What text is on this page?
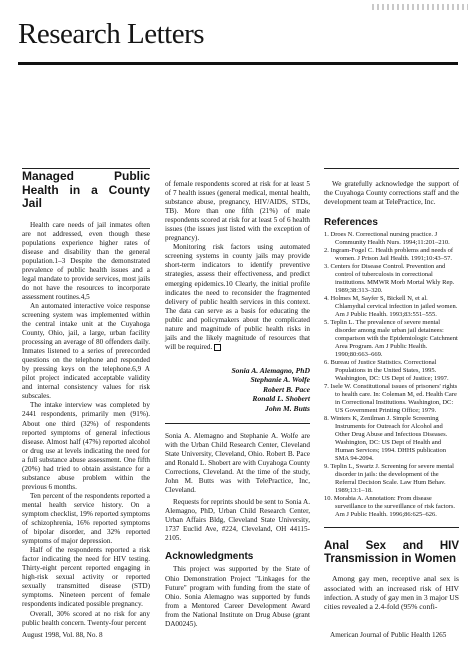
Research Letters
Managed Public Health in a County Jail

Health care needs of jail inmates often are not addressed, even though these populations experience higher rates of disease and disability than the general population.1–3 Despite the demonstrated prevalence of public health issues and a legal mandate to provide services, most jails do not have the resources to incorporate assessment routines.4,5

An automated interactive voice response screening system was implemented within the central intake unit at the Cuyahoga County, Ohio, jail, a large, urban facility processing an average of 80 offenders daily. Inmates listened to a series of prerecorded questions on the telephone and responded by pressing keys on the telephone.6,9 A pilot project indicated acceptable validity and internal consistency values for risk subscales.

The intake interview was completed by 2441 respondents, primarily men (91%). About one third (32%) of respondents reported symptoms of general infectious disease. Almost half (47%) reported alcohol or drug use at levels indicating the need for a full substance abuse assessment. One fifth (20%) had tried to obtain assistance for a substance abuse problem within the previous 6 months.

Ten percent of the respondents reported a mental health service history. On a symptom checklist, 19% reported symptoms of schizophrenia, 16% reported symptoms of bipolar disorder, and 32% reported symptoms of major depression.

Half of the respondents reported a risk factor indicating the need for HIV testing. Thirty-eight percent reported engaging in high-risk sexual activity or reported sexually transmitted disease (STD) symptoms. Nineteen percent of female respondents indicated possible pregnancy.

Overall, 30% scored at no risk for any public health concern. Twenty-four percent

of female respondents scored at risk for at least 5 of 7 health issues (general medical, mental health, substance abuse, pregnancy, HIV/AIDS, STDs, TB). More than one fifth (21%) of male respondents scored at risk for at least 5 of 6 health issues (the issues just listed with the exception of pregnancy).

Monitoring risk factors using automated screening systems in county jails may provide short-term indicators to identify preventive strategies, assess their effectiveness, and predict emerging epidemics.10 Clearly, the initial profile indicates the need to reconsider the fragmented delivery of public health services in this context. The data can serve as a basis for educating the public and policymakers about the complicated nature and magnitude of public health risks in jails and the likely magnitude of resources that will be required.

Sonia A. Alemagno, PhD
Stephanie A. Wolfe
Robert B. Pace
Ronald L. Shobert
John M. Butts

Sonia A. Alemagno and Stephanie A. Wolfe are with the Urban Child Research Center, Cleveland State University, Cleveland, Ohio. Robert B. Pace and Ronald L. Shobert are with Cuyahoga County Corrections, Cleveland. At the time of the study, John M. Butts was with TelePractice, Inc, Cleveland.

Requests for reprints should be sent to Sonia A. Alemagno, PhD, Urban Child Research Center, Urban Affairs Bldg, Cleveland State University, 1737 Euclid Ave, #224, Cleveland, OH 44115-2105.

Acknowledgments

This project was supported by the State of Ohio Demonstration Project "Linkages for the Future" program with funding from the state of Ohio. Sonia Alemagno was supported by funds from a Mentored Career Development Award from the National Institute on Drug Abuse (grant DA00245).

We gratefully acknowledge the support of the Cuyahoga County corrections staff and the development team at TelePractice, Inc.

References
1. Droes N. Correctional nursing practice. J Community Health Nurs. 1994;11:201–210.
2. Ingram-Fogel C. Health problems and needs of women. J Prison Jail Health. 1991;10:43–57.
3. Centers for Disease Control. Prevention and control of tuberculosis in correctional institutions. MMWR Morb Mortal Wkly Rep. 1989;38:313–320.
4. Holmes M, Sayfer S, Bickell N, et al. Chlamydial cervical infection in jailed women. Am J Public Health. 1993;83:551–555.
5. Teplin L. The prevalence of severe mental disorder among male urban jail detainees: comparison with the Epidemiologic Catchment Area Program. Am J Public Health. 1990;80:663–669.
6. Bureau of Justice Statistics. Correctional Populations in the United States, 1995. Washington, DC: US Dept of Justice; 1997.
7. Isele W. Constitutional issues of prisoners' rights to health care. In: Coleman M, ed. Health Care in Correctional Institutions. Washington, DC: US Government Printing Office; 1979.
8. Winters K, Zenilman J. Simple Screening Instruments for Outreach for Alcohol and Other Drug Abuse and Infectious Diseases. Washington, DC: US Dept of Health and Human Services; 1994. DHHS publication SMA 94-2094.
9. Teplin L, Swartz J. Screening for severe mental disorder in jails: the development of the Referral Decision Scale. Law Hum Behav. 1989;13:1–18.
10. Morabia A. Annotation: From disease surveillance to the surveillance of risk factors. Am J Public Health. 1996;86:625–626.
Anal Sex and HIV Transmission in Women

Among gay men, receptive anal sex is associated with an increased risk of HIV infection. A study of gay men in 3 major US cities revealed a 2.4-fold (95% confi-

August 1998, Vol. 88, No. 8	American Journal of Public Health 1265
